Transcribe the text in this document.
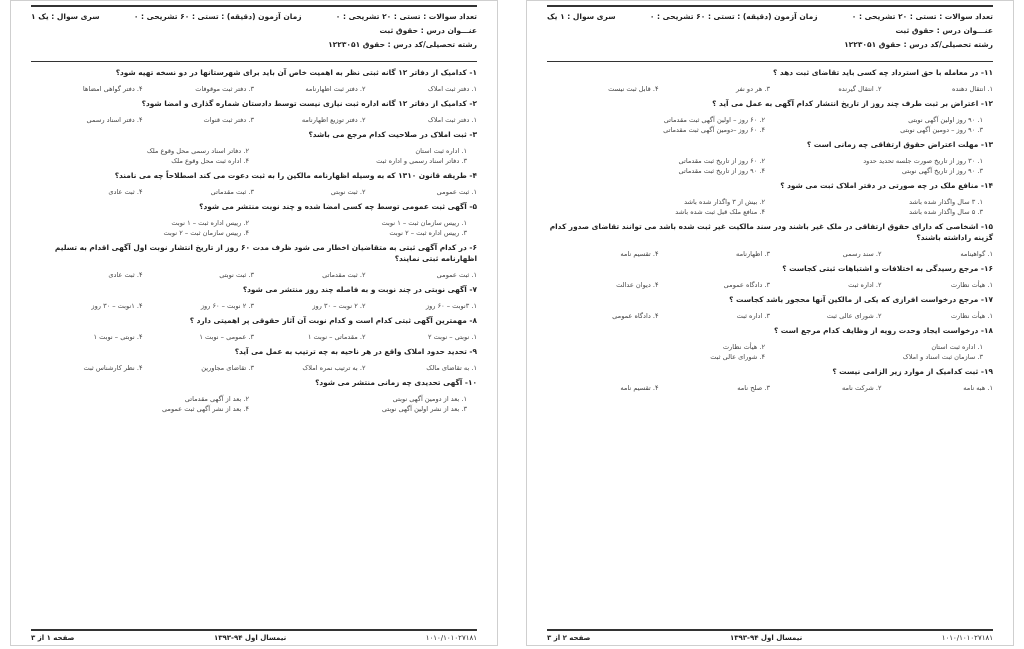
تعداد سوالات : تستی : ۲۰ تشریحی : ۰
زمان آزمون (دقیقه) : تستی : ۶۰ تشریحی : ۰
سری سوال : یک ۱
عنـــوان درس : حقوق ثبت
رشته تحصیلی/کد درس : حقوق ۱۲۲۳۰۵۱
۱- کدامیک از دفاتر ۱۲ گانه ثبتی نظر به اهمیت خاص آن باید برای شهرستانها در دو نسخه تهیه شود؟
۱. دفتر ثبت املاک
۲. دفتر ثبت اظهارنامه
۳. دفتر ثبت موقوفات
۴. دفتر گواهی امضاها
۲- کدامیک از دفاتر ۱۲ گانه اداره ثبت نیازی نیست توسط دادستان شماره گذاری و امضا شود؟
۱. دفتر ثبت املاک
۲. دفتر توزیع اظهارنامه
۳. دفتر ثبت قنوات
۴. دفتر اسناد رسمی
۳- ثبت املاک در صلاحیت کدام مرجع می باشد؟
۱. اداره ثبت استان
۲. دفاتر اسناد رسمی محل وقوع ملک
۳. دفاتر اسناد رسمی و اداره ثبت
۴. اداره ثبت محل وقوع ملک
۴- طریقه قانون ۱۳۱۰ که به وسیله اظهارنامه مالکین را به ثبت دعوت می کند اصطلاحاً چه می نامند؟
۱. ثبت عمومی
۲. ثبت نوبتی
۳. ثبت مقدماتی
۴. ثبت عادی
۵- آگهی ثبت عمومی توسط چه کسی امضا شده و چند نوبت منتشر می شود؟
۱. رییس سازمان ثبت – ۱ نوبت
۲. رییس اداره ثبت – ۱ نوبت
۳. رییس اداره ثبت – ۲ نوبت
۴. رییس سازمان ثبت – ۲ نوبت
۶- در کدام آگهی ثبتی به متقاضیان اخطار می شود ظرف مدت ۶۰ روز از تاریخ انتشار نوبت اول آگهی اقدام به تسلیم اظهارنامه ثبتی نمایند؟
۱. ثبت عمومی
۲. ثبت مقدماتی
۳. ثبت نوبتی
۴. ثبت عادی
۷- آگهی نوبتی در چند نوبت و به فاصله چند روز منتشر می شود؟
۱. ۳نوبت – ۶۰ روز
۲. ۲ نوبت – ۳۰ روز
۳. ۲ نوبت – ۶۰ روز
۴. ۱نوبت – ۳۰ روز
۸- مهمترین آگهی ثبتی کدام است و کدام نوبت آن آثار حقوقی پر اهمیتی دارد ؟
۱. نوبتی – نوبت ۲
۲. مقدماتی – نوبت ۱
۳. عمومی – نوبت ۱
۴. نوبتی – نوبت ۱
۹- تحدید حدود املاک واقع در هر ناحیه به چه ترتیب به عمل می آید؟
۱. به تقاضای مالک
۲. به ترتیب نمره املاک
۳. تقاضای مجاورین
۴. نظر کارشناس ثبت
۱۰- آگهی تحدیدی چه زمانی منتشر می شود؟
۱. بعد از دومین آگهی نوبتی
۲. بعد از آگهی مقدماتی
۳. بعد از نشر اولین آگهی نوبتی
۴. بعد از نشر آگهی ثبت عمومی
۱۰۱۰/۱۰۱۰۲۷۱۸۱
نیمسال اول ۹۴-۱۳۹۳
صفحه ۱ از ۳
تعداد سوالات : تستی : ۲۰ تشریحی : ۰
زمان آزمون (دقیقه) : تستی : ۶۰ تشریحی : ۰
سری سوال : ۱ یک
عنـــوان درس : حقوق ثبت
رشته تحصیلی/کد درس : حقوق ۱۲۲۳۰۵۱
۱۱- در معامله با حق استرداد چه کسی باید تقاضای ثبت دهد ؟
۱. انتقال دهنده
۲. انتقال گیرنده
۳. هر دو نفر
۴. قابل ثبت نیست
۱۲- اعتراض بر ثبت طرف چند روز از تاریخ انتشار کدام آگهی به عمل می آید ؟
۱. ۹۰ روز اولین آگهی نوبتی
۲. ۶۰ روز – اولین آگهی ثبت مقدماتی
۳. ۹۰ روز – دومین آگهی نوبتی
۴. ۶۰ روز –دومین آگهی ثبت مقدماتی
۱۳- مهلت اعتراض حقوق ارتفاقی چه زمانی است ؟
۱. ۳۰ روز از تاریخ صورت جلسه تحدید حدود
۲. ۶۰ روز از تاریخ ثبت مقدماتی
۳. ۹۰ روز از تاریخ آگهی نوبتی
۴. ۹۰ روز از تاریخ ثبت مقدماتی
۱۴- منافع ملک در چه صورتی در دفتر املاک ثبت می شود ؟
۱. ۳ سال واگذار شده باشد
۲. بیش از ۳ واگذار شده باشد
۳. ۵ سال واگذار شده باشد
۴. منافع ملک قبل ثبت شده باشد
۱۵- اشخاصی که دارای حقوق ارتفاقی در ملک غیر باشند ودر سند مالکیت غیر ثبت شده باشد می توانند تقاضای صدور کدام گزینه راداشته باشند؟
۱. گواهینامه
۲. سند رسمی
۳. اظهارنامه
۴. تقسیم نامه
۱۶- مرجع رسیدگی به اختلافات و اشتباهات ثبتی کجاست ؟
۱. هیأت نظارت
۲. اداره ثبت
۳. دادگاه عمومی
۴. دیوان عدالت
۱۷- مرجع درخواست افرازی که یکی از مالکین آنها محجور باشد کجاست ؟
۱. هیأت نظارت
۲. شورای عالی ثبت
۳. اداره ثبت
۴. دادگاه عمومی
۱۸- درخواست ایجاد وحدت رویه از وظایف کدام مرجع است ؟
۱. اداره ثبت استان
۲. هیأت نظارت
۳. سازمان ثبت اسناد و املاک
۴. شورای عالی ثبت
۱۹- ثبت کدامیک از موارد زیر الزامی نیست ؟
۱. هبه نامه
۲. شرکت نامه
۳. صلح نامه
۴. تقسیم نامه
۱۰۱۰/۱۰۱۰۲۷۱۸۱
نیمسال اول ۹۴-۱۳۹۳
صفحه ۲ از ۳
